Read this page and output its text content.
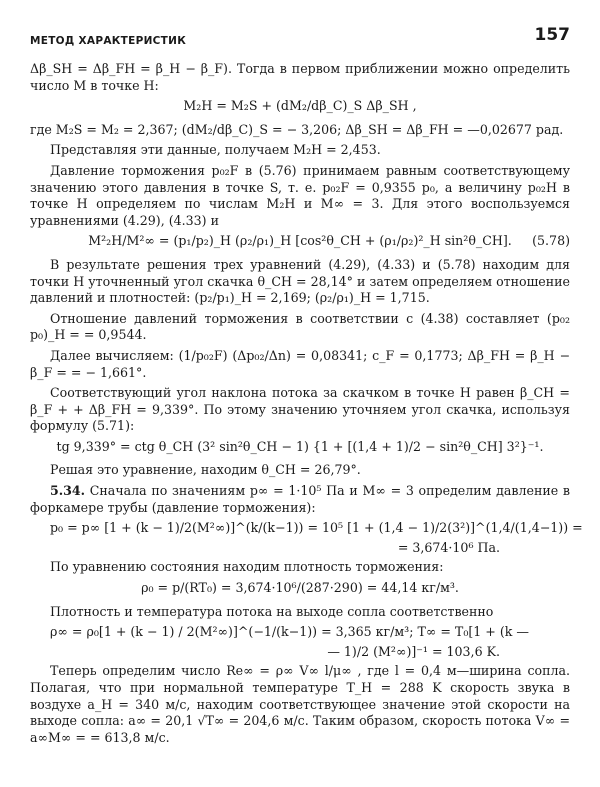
МЕТОД ХАРАКТЕРИСТИК	157

Δβ_SH = Δβ_FH = β_H − β_F). Тогда в первом приближении можно определить число M в точке H:

M₂H = M₂S + (dM₂/dβ_C)_S Δβ_SH ,

где M₂S = M₂ = 2,367; (dM₂/dβ_C)_S = − 3,206; Δβ_SH = Δβ_FH = —0,02677 рад.

Представляя эти данные, получаем M₂H = 2,453.

Давление торможения p₀₂F в (5.76) принимаем равным соответствующему значению этого давления в точке S, т. е. p₀₂F = 0,9355 p₀, а величину p₀₂H в точке H определяем по числам M₂H и M∞ = 3. Для этого воспользуемся уравнениями (4.29), (4.33) и

M²₂H/M²∞ = (p₁/p₂)_H (ρ₂/ρ₁)_H [cos²θ_CH + (ρ₁/ρ₂)²_H sin²θ_CH]. (5.78)

В результате решения трех уравнений (4.29), (4.33) и (5.78) находим для точки H уточненный угол скачка θ_CH = 28,14° и затем определяем отношение давлений и плотностей: (p₂/p₁)_H = 2,169; (ρ₂/ρ₁)_H = 1,715.

Отношение давлений торможения в соответствии с (4.38) составляет (p₀₂ p₀)_H = = 0,9544.

Далее вычисляем: (1/p₀₂F) (Δp₀₂/Δn) = 0,08341; c_F = 0,1773; Δβ_FH = β_H − β_F = = − 1,661°.

Соответствующий угол наклона потока за скачком в точке H равен β_CH = β_F + + Δβ_FH = 9,339°. По этому значению уточняем угол скачка, используя формулу (5.71):

tg 9,339° = ctg θ_CH (3² sin²θ_CH − 1) {1 + [(1,4 + 1)/2 − sin²θ_CH] 3²}⁻¹.

Решая это уравнение, находим θ_CH = 26,79°.

5.34. Сначала по значениям p∞ = 1·10⁵ Па и M∞ = 3 определим давление в форкамере трубы (давление торможения):

p₀ = p∞ [1 + (k − 1)/2(M²∞)]^(k/(k−1)) = 10⁵ [1 + (1,4 − 1)/2(3²)]^(1,4/(1,4−1)) =
= 3,674·10⁶ Па.

По уравнению состояния находим плотность торможения:

ρ₀ = p/(RT₀) = 3,674·10⁶/(287·290) = 44,14 кг/м³.

Плотность и температура потока на выходе сопла соответственно

ρ∞ = ρ₀[1 + (k − 1) / 2(M²∞)]^(−1/(k−1)) = 3,365 кг/м³; T∞ = T₀[1 + (k —
— 1)/2 (M²∞)]⁻¹ = 103,6 K.

Теперь определим число Re∞ = ρ∞ V∞ l/μ∞ , где l = 0,4 м—ширина сопла. Полагая, что при нормальной температуре T_H = 288 K скорость звука в воздухе a_H = 340 м/с, находим соответствующее значение этой скорости на выходе сопла: a∞ = 20,1 √T∞ = 204,6 м/с. Таким образом, скорость потока V∞ = a∞M∞ = = 613,8 м/с.
